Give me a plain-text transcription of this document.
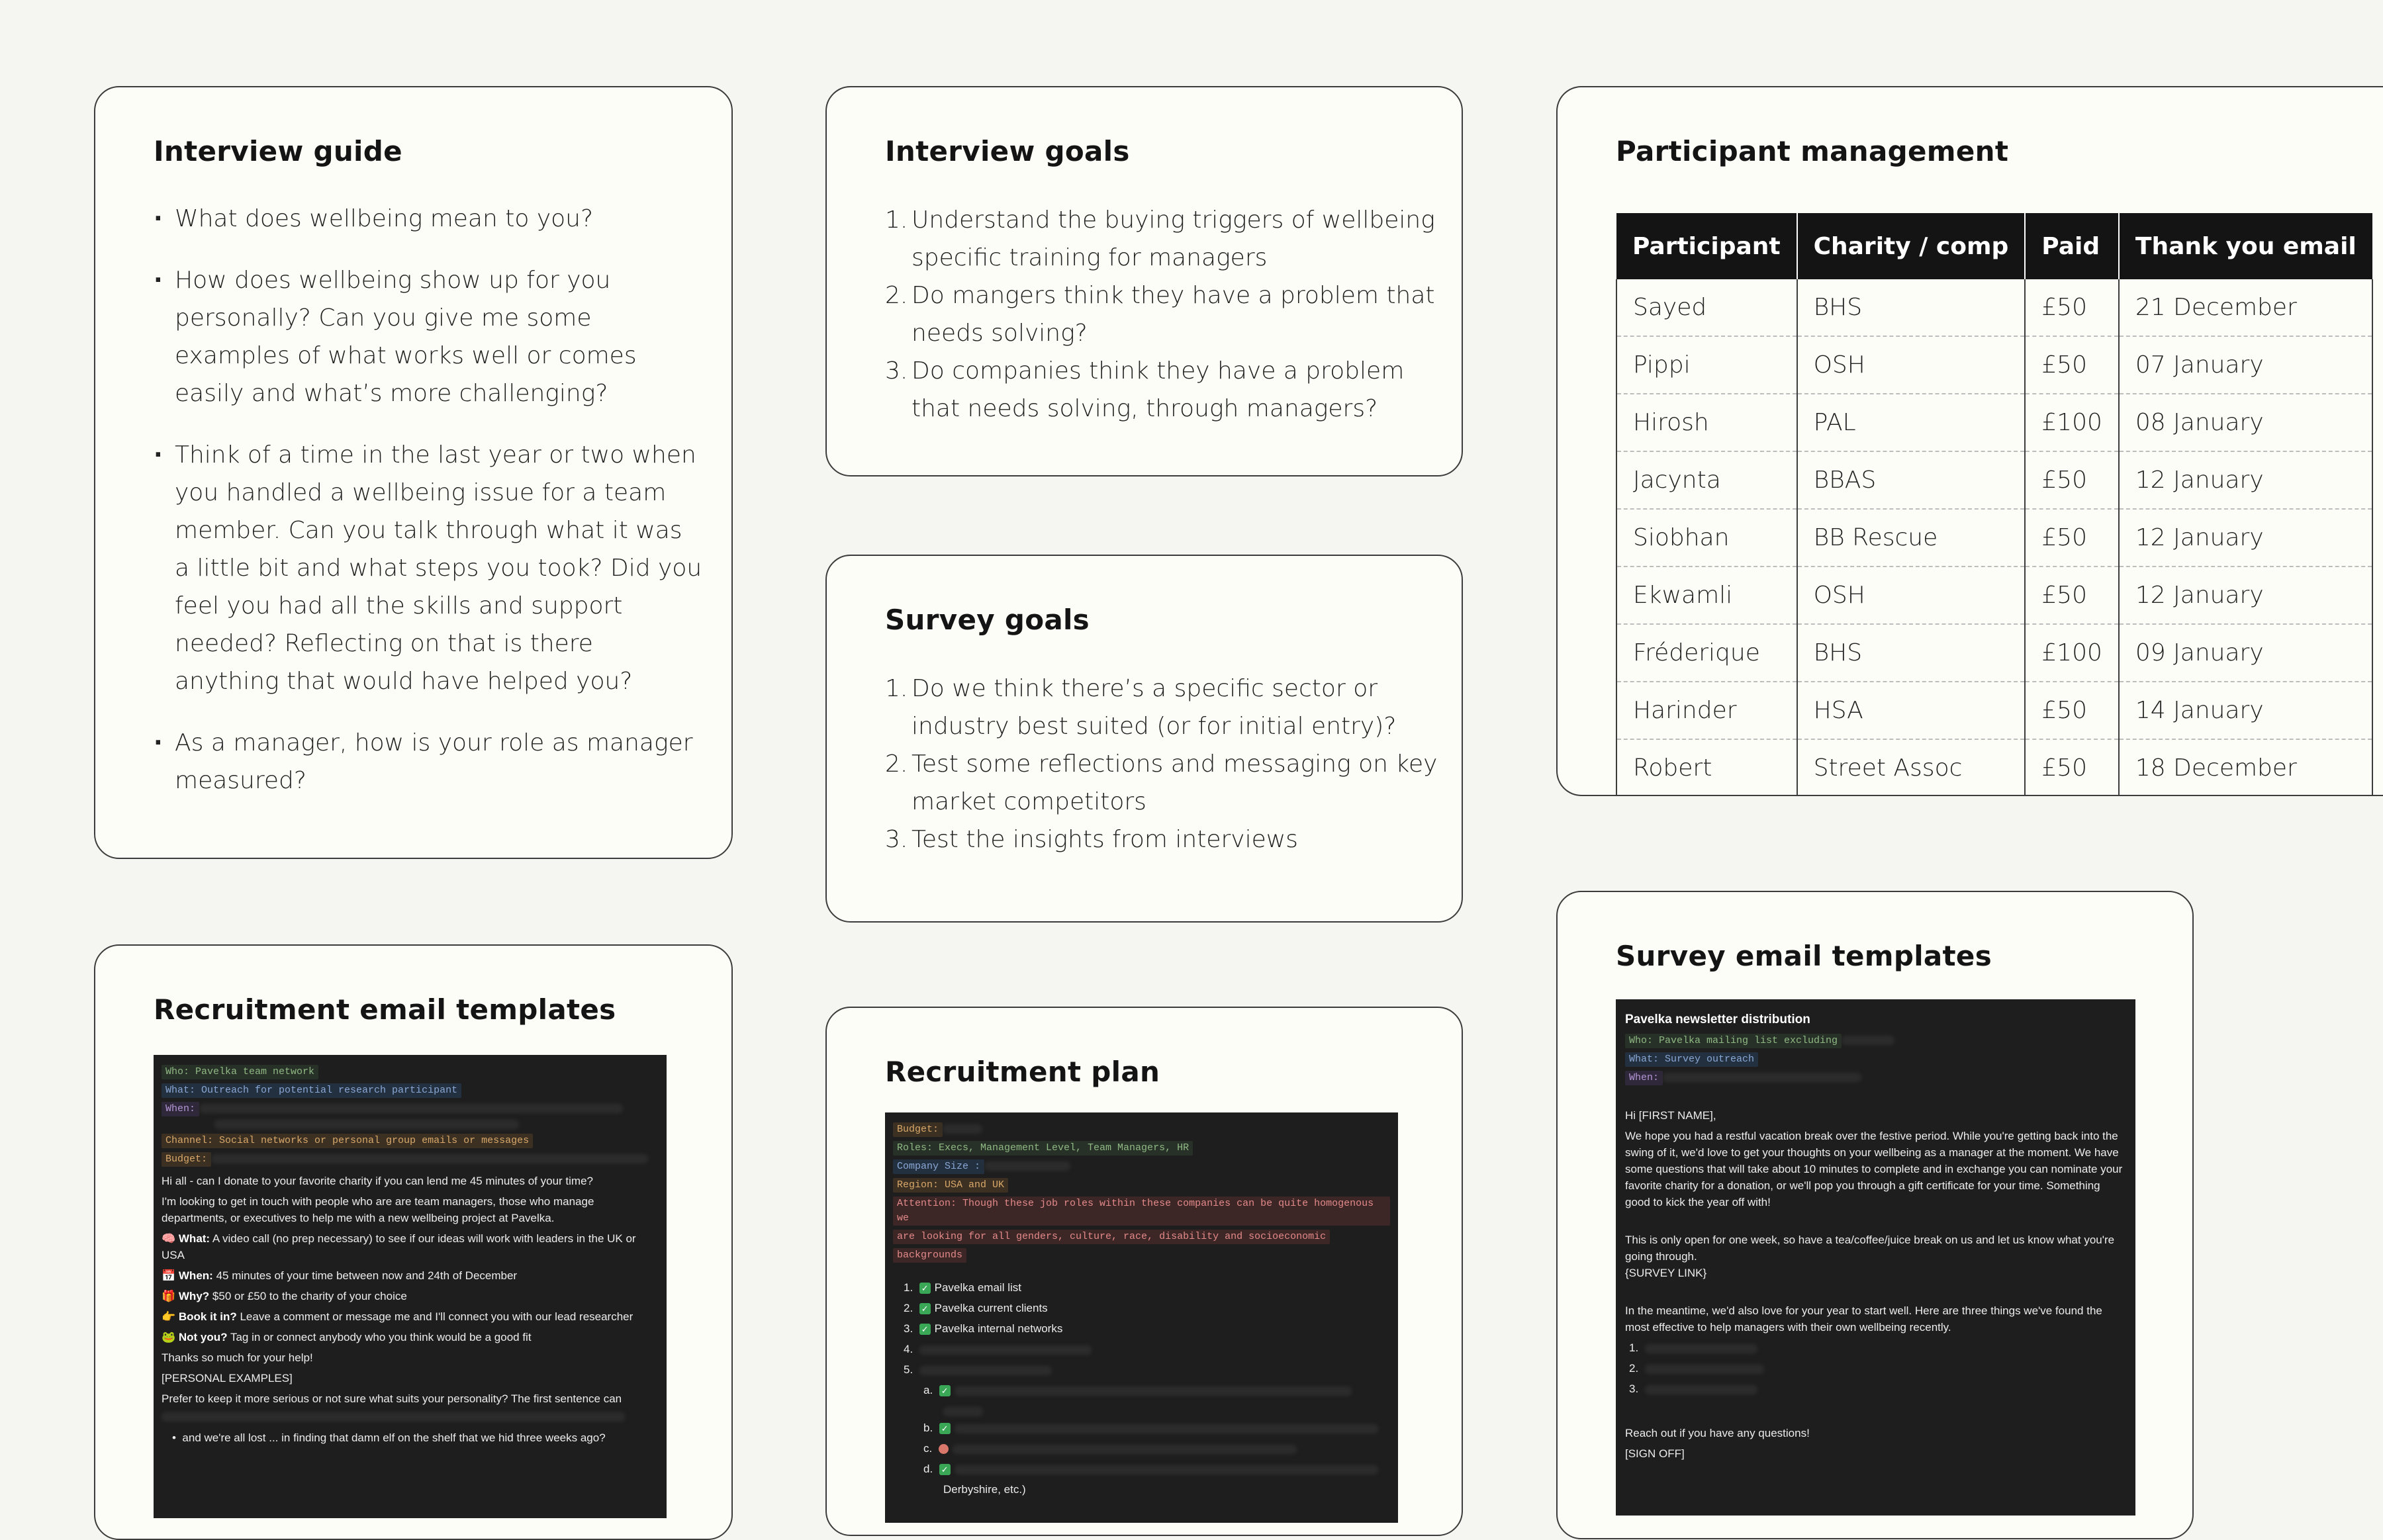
Interview guide
· What does wellbeing mean to you?
· How does wellbeing show up for you personally? Can you give me some examples of what works well or comes easily and what’s more challenging?
· Think of a time in the last year or two when you handled a wellbeing issue for a team member. Can you talk through what it was a little bit and what steps you took? Did you feel you had all the skills and support needed? Reflecting on that is there anything that would have helped you?
· As a manager, how is your role as manager measured?
Interview goals
1. Understand the buying triggers of wellbeing specific training for managers
2. Do mangers think they have a problem that needs solving?
3. Do companies think they have a problem that needs solving, through managers?
Survey goals
1. Do we think there’s a specific sector or industry best suited (or for initial entry)?
2. Test some reflections and messaging on key market competitors
3. Test the insights from interviews
Participant management
Participant	Charity / comp	Paid	Thank you email
Sayed	BHS	£50	21 December
Pippi	OSH	£50	07 January
Hirosh	PAL	£100	08 January
Jacynta	BBAS	£50	12 January
Siobhan	BB Rescue	£50	12 January
Ekwamli	OSH	£50	12 January
Fréderique	BHS	£100	09 January
Harinder	HSA	£50	14 January
Robert	Street Assoc	£50	18 December
Recruitment email templates
Who: Pavelka team network
What: Outreach for potential research participant
When:
Channel: Social networks or personal group emails or messages
Budget:

Hi all - can I donate to your favorite charity if you can lend me 45 minutes of your time?

I'm looking to get in touch with people who are are team managers, those who manage departments, or executives to help me with a new wellbeing project at Pavelka.

🧠 What: A video call (no prep necessary) to see if our ideas will work with leaders in the UK or USA

📅 When: 45 minutes of your time between now and 24th of December

🎁 Why? $50 or £50 to the charity of your choice

👉 Book it in? Leave a comment or message me and I'll connect you with our lead researcher

🐸 Not you? Tag in or connect anybody who you think would be a good fit

Thanks so much for your help!

[PERSONAL EXAMPLES]

Prefer to keep it more serious or not sure what suits your personality? The first sentence can

•  and we're all lost ... in finding that damn elf on the shelf that we hid three weeks ago?

Recruitment plan
Budget:
Roles: Execs, Management Level, Team Managers, HR
Company Size :
Region: USA and UK
Attention: Though these job roles within these companies can be quite homogenous we
are looking for all genders, culture, race, disability and socioeconomic
backgrounds
1. ✓ Pavelka email list
2. ✓ Pavelka current clients
3. ✓ Pavelka internal networks
4.
5.
a. ✓
b. ✓
c.
d. ✓
Derbyshire, etc.)
Survey email templates
Pavelka newsletter distribution
Who: Pavelka mailing list excluding
What: Survey outreach
When:

Hi [FIRST NAME],

We hope you had a restful vacation break over the festive period. While you're getting back into the swing of it, we'd love to get your thoughts on your wellbeing as a manager at the moment. We have some questions that will take about 10 minutes to complete and in exchange you can nominate your favorite charity for a donation, or we'll pop you through a gift certificate for your time. Something good to kick the year off with!

This is only open for one week, so have a tea/coffee/juice break on us and let us know what you're going through.

{SURVEY LINK}

In the meantime, we'd also love for your year to start well. Here are three things we've found the most effective to help managers with their own wellbeing recently.

1.
2.
3.

Reach out if you have any questions!

[SIGN OFF]
